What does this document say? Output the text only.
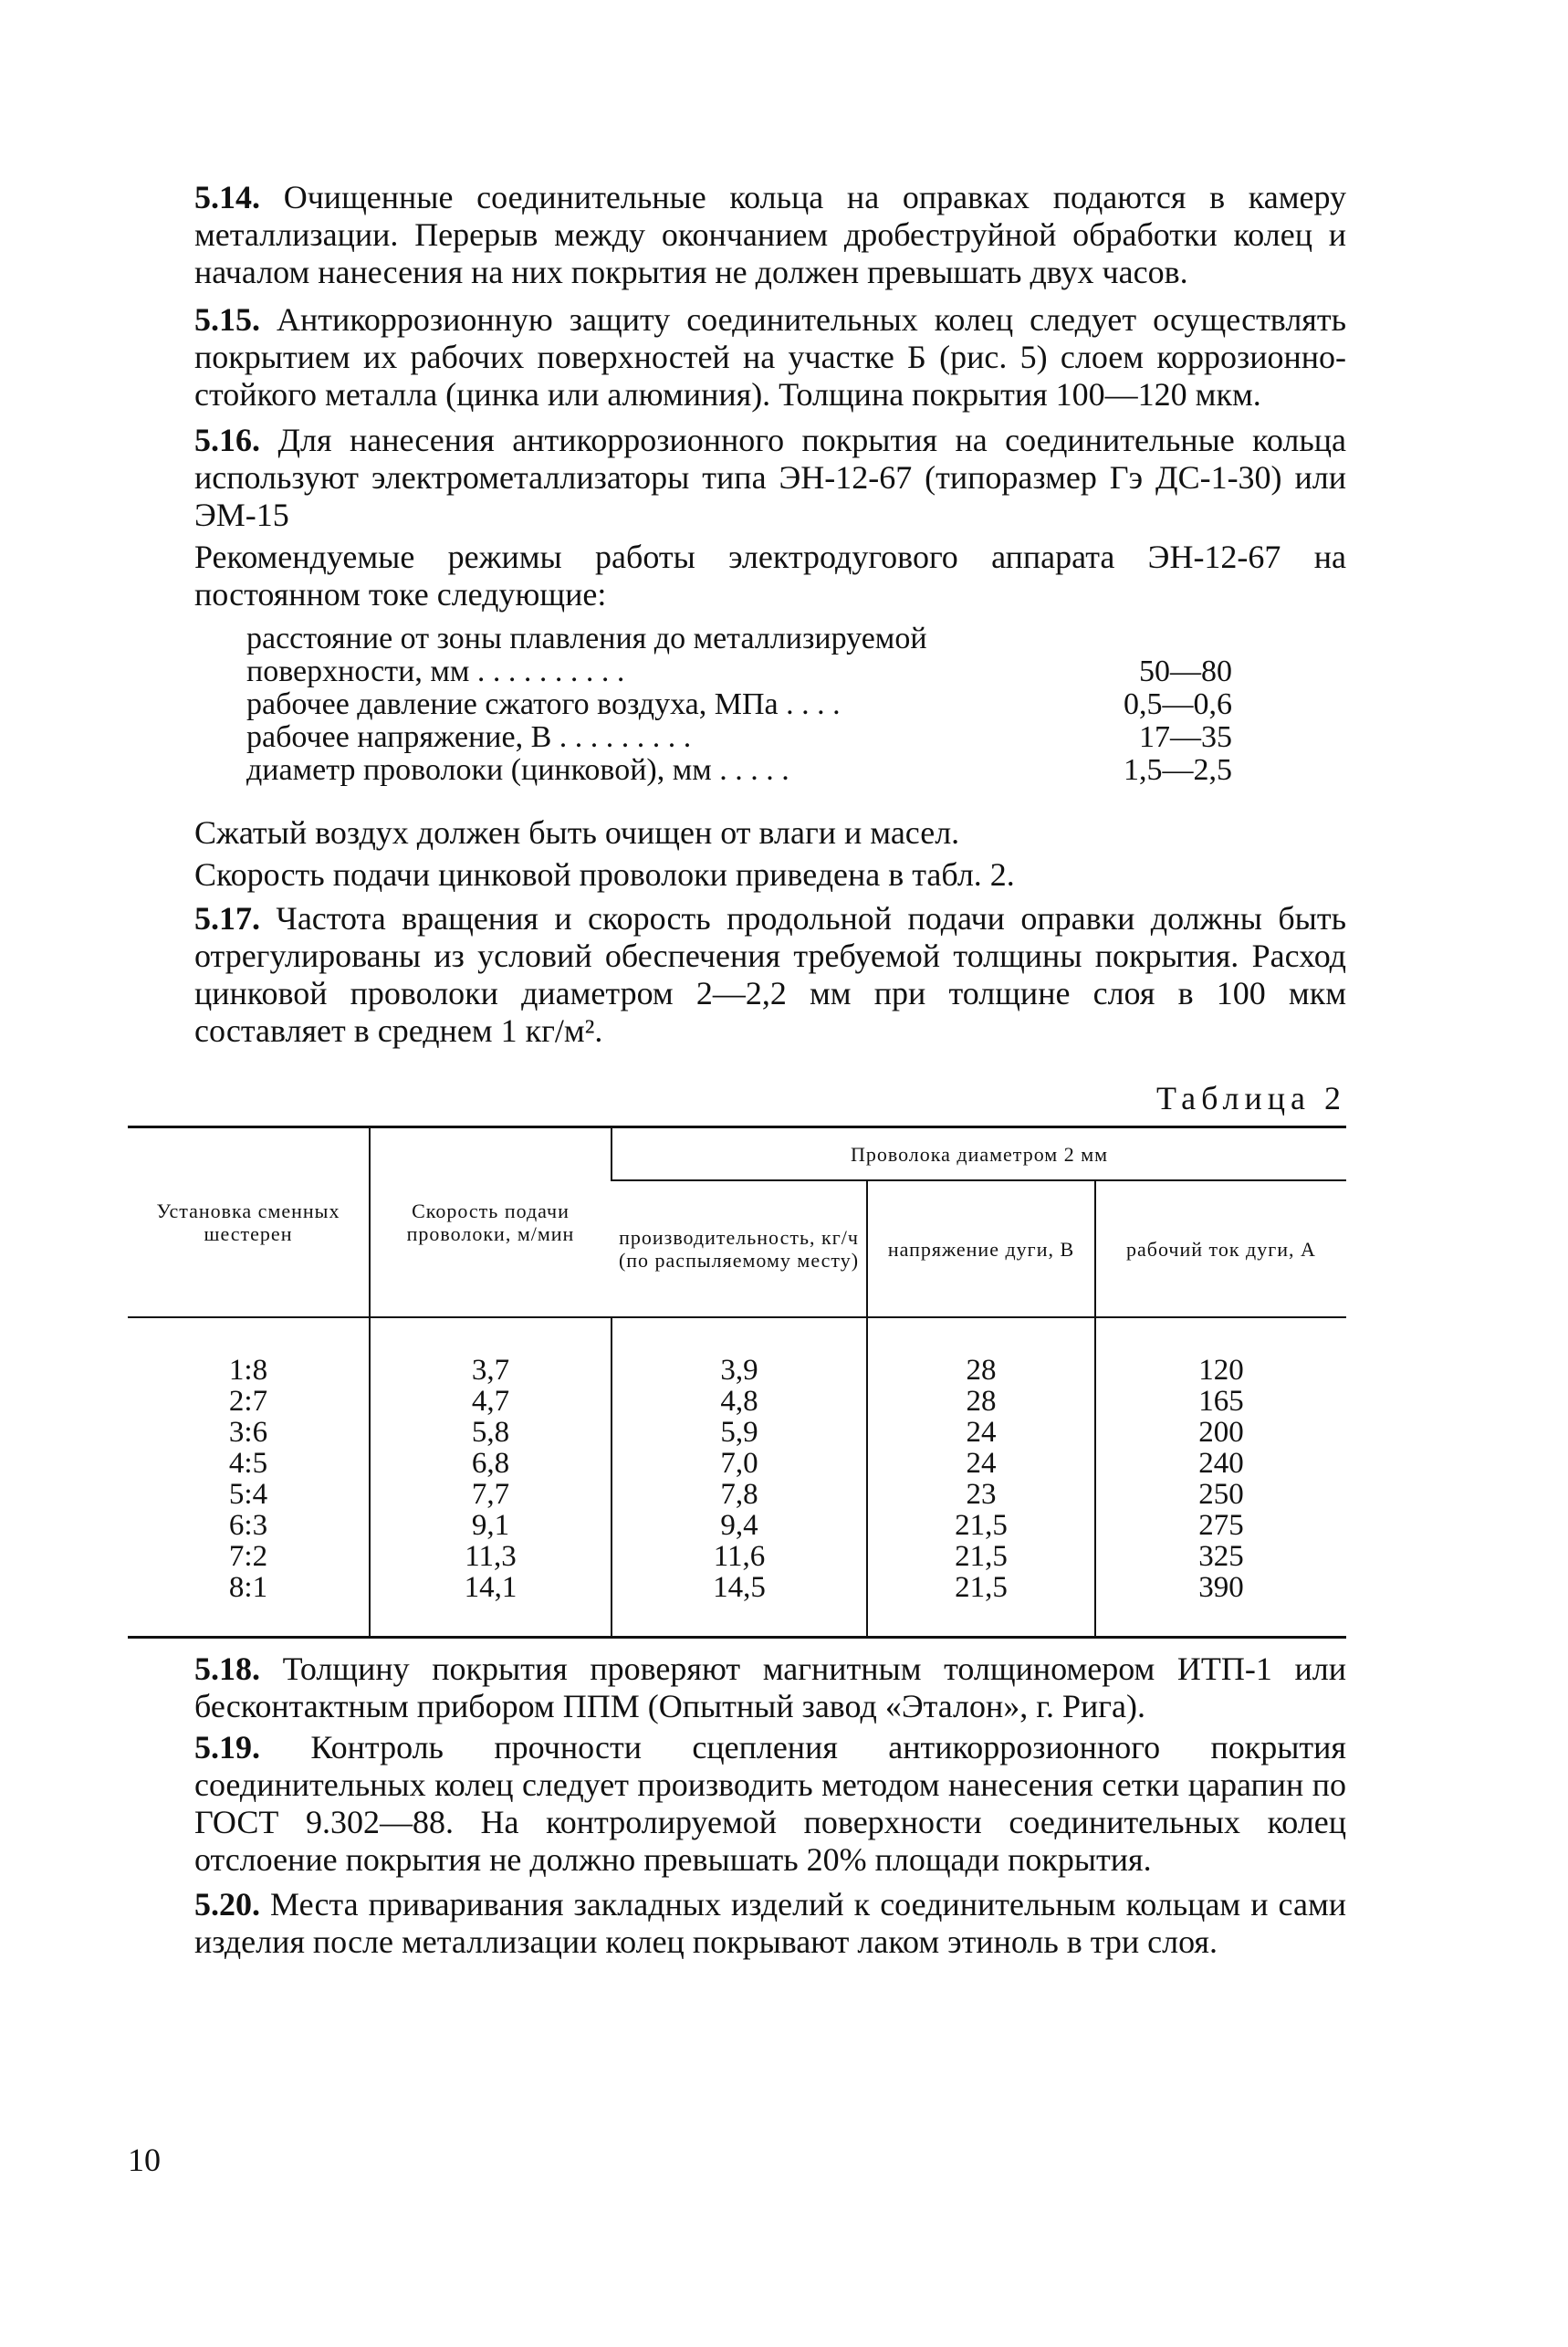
5.14. Очищенные соединительные кольца на оправках подаются в камеру металлизации. Перерыв между окончанием дробеструйной обработки колец и началом нанесения на них покрытия не должен превышать двух часов.

5.15. Антикоррозионную защиту соединительных колец следует осуществлять покрытием их рабочих поверхностей на участке Б (рис. 5) слоем коррозионно-стойкого металла (цинка или алюминия). Толщина покрытия 100—120 мкм.

5.16. Для нанесения антикоррозионного покрытия на соединительные кольца используют электрометаллизаторы типа ЭН-12-67 (типоразмер Гэ ДС-1-30) или ЭМ-15

Рекомендуемые режимы работы электродугового аппарата ЭН-12-67 на постоянном токе следующие:

расстояние от зоны плавления до металлизируемой
поверхности, мм . . . . . . . . . .	50—80
рабочее давление сжатого воздуха, МПа . . . .	0,5—0,6
рабочее напряжение, В . . . . . . . . .	17—35
диаметр проволоки (цинковой), мм . . . . .	1,5—2,5

Сжатый воздух должен быть очищен от влаги и масел.

Скорость подачи цинковой проволоки приведена в табл. 2.

5.17. Частота вращения и скорость продольной подачи оправки должны быть отрегулированы из условий обеспечения требуемой толщины покрытия. Расход цинковой проволоки диаметром 2—2,2 мм при толщине слоя в 100 мкм составляет в среднем 1 кг/м².

Таблица 2
Установка сменных шестерен	Скорость подачи проволоки, м/мин	Проволока диаметром 2 мм		
		производительность, кг/ч (по распыляемому месту)	напряжение дуги, В	рабочий ток дуги, А
1:8	3,7	3,9	28	120
2:7	4,7	4,8	28	165
3:6	5,8	5,9	24	200
4:5	6,8	7,0	24	240
5:4	7,7	7,8	23	250
6:3	9,1	9,4	21,5	275
7:2	11,3	11,6	21,5	325
8:1	14,1	14,5	21,5	390

5.18. Толщину покрытия проверяют магнитным толщиномером ИТП-1 или бесконтактным прибором ППМ (Опытный завод «Эталон», г. Рига).

5.19. Контроль прочности сцепления антикоррозионного покрытия соединительных колец следует производить методом нанесения сетки царапин по ГОСТ 9.302—88. На контролируемой поверхности соединительных колец отслоение покрытия не должно превышать 20% площади покрытия.

5.20. Места приваривания закладных изделий к соединительным кольцам и сами изделия после металлизации колец покрывают лаком этиноль в три слоя.

10
